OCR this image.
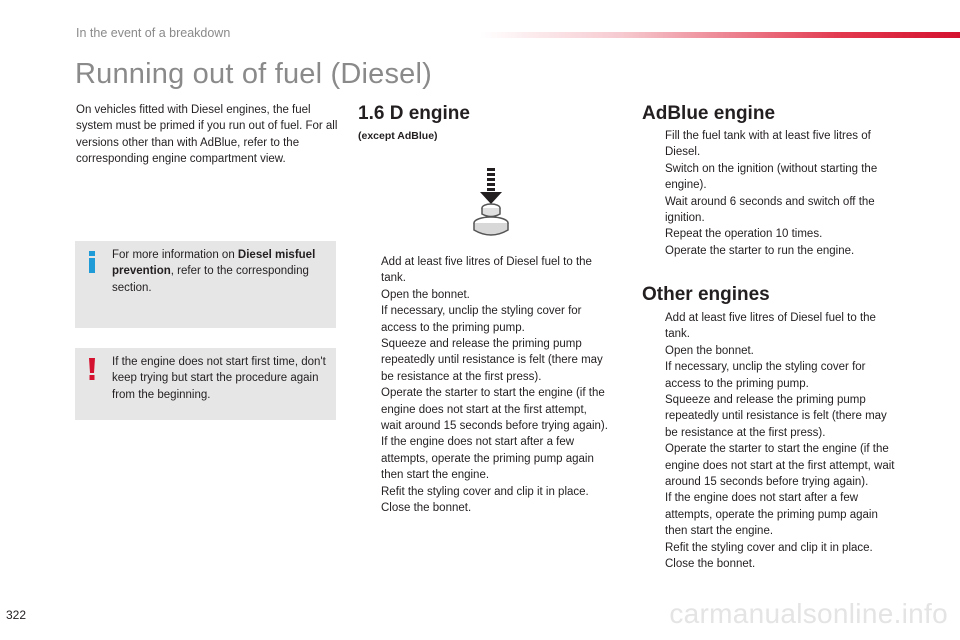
In the event of a breakdown
Running out of fuel (Diesel)
On vehicles fitted with Diesel engines, the fuel system must be primed if you run out of fuel. For all versions other than with AdBlue, refer to the corresponding engine compartment view.
For more information on Diesel misfuel prevention, refer to the corresponding section.
If the engine does not start first time, don't keep trying but start the procedure again from the beginning.
1.6 D engine
(except AdBlue)
Add at least five litres of Diesel fuel to the tank.
Open the bonnet.
If necessary, unclip the styling cover for access to the priming pump.
Squeeze and release the priming pump repeatedly until resistance is felt (there may be resistance at the first press).
Operate the starter to start the engine (if the engine does not start at the first attempt, wait around 15 seconds before trying again).
If the engine does not start after a few attempts, operate the priming pump again then start the engine.
Refit the styling cover and clip it in place.
Close the bonnet.
AdBlue engine
Fill the fuel tank with at least five litres of Diesel.
Switch on the ignition (without starting the engine).
Wait around 6 seconds and switch off the ignition.
Repeat the operation 10 times.
Operate the starter to run the engine.
Other engines
Add at least five litres of Diesel fuel to the tank.
Open the bonnet.
If necessary, unclip the styling cover for access to the priming pump.
Squeeze and release the priming pump repeatedly until resistance is felt (there may be resistance at the first press).
Operate the starter to start the engine (if the engine does not start at the first attempt, wait around 15 seconds before trying again).
If the engine does not start after a few attempts, operate the priming pump again then start the engine.
Refit the styling cover and clip it in place.
Close the bonnet.
322	carmanualsonline.info
